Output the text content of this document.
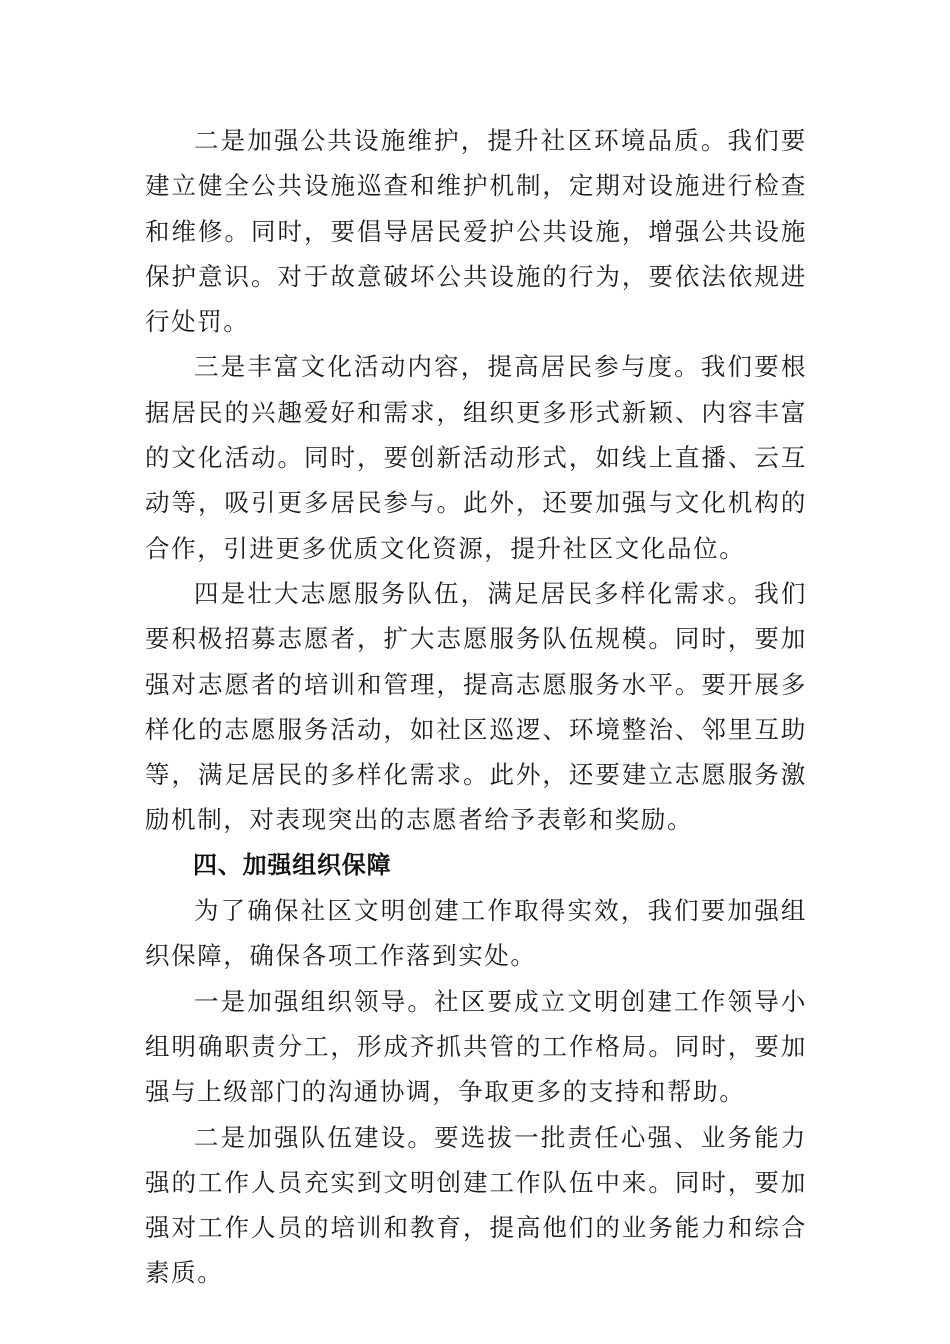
二是加强公共设施维护，提升社区环境品质。我们要建立健全公共设施巡查和维护机制，定期对设施进行检查和维修。同时，要倡导居民爱护公共设施，增强公共设施保护意识。对于故意破坏公共设施的行为，要依法依规进行处罚。

三是丰富文化活动内容，提高居民参与度。我们要根据居民的兴趣爱好和需求，组织更多形式新颖、内容丰富的文化活动。同时，要创新活动形式，如线上直播、云互动等，吸引更多居民参与。此外，还要加强与文化机构的合作，引进更多优质文化资源，提升社区文化品位。

四是壮大志愿服务队伍，满足居民多样化需求。我们要积极招募志愿者，扩大志愿服务队伍规模。同时，要加强对志愿者的培训和管理，提高志愿服务水平。要开展多样化的志愿服务活动，如社区巡逻、环境整治、邻里互助等，满足居民的多样化需求。此外，还要建立志愿服务激励机制，对表现突出的志愿者给予表彰和奖励。

四、加强组织保障

为了确保社区文明创建工作取得实效，我们要加强组织保障，确保各项工作落到实处。

一是加强组织领导。社区要成立文明创建工作领导小组明确职责分工，形成齐抓共管的工作格局。同时，要加强与上级部门的沟通协调，争取更多的支持和帮助。

二是加强队伍建设。要选拔一批责任心强、业务能力强的工作人员充实到文明创建工作队伍中来。同时，要加强对工作人员的培训和教育，提高他们的业务能力和综合素质。
